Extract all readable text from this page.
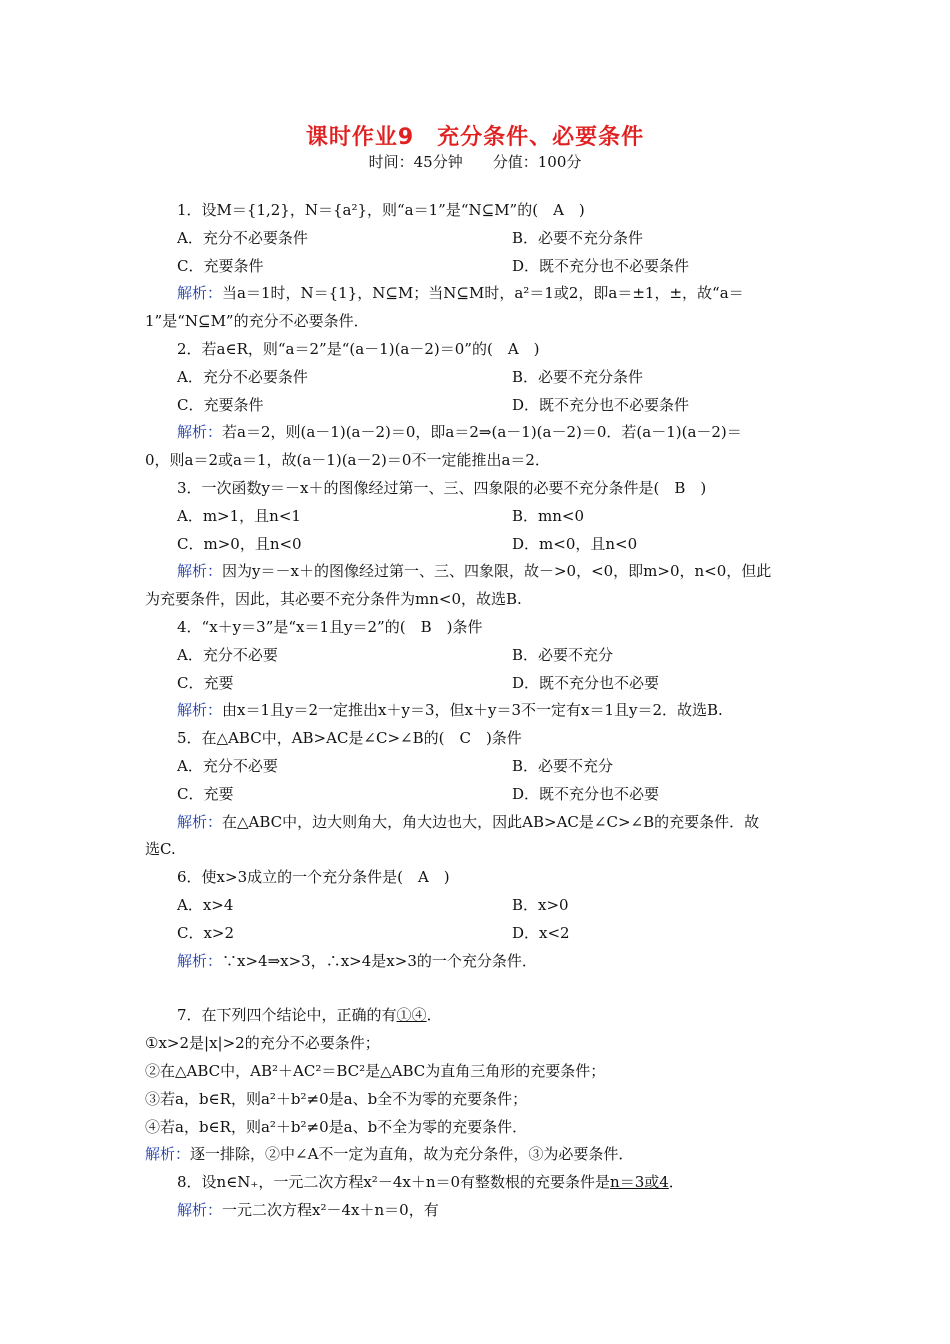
课时作业9　充分条件、必要条件
时间：45分钟　　分值：100分
1．设M＝{1,2}，N＝{a²}，则“a＝1”是“N⊆M”的(　A　)
A．充分不必要条件	B．必要不充分条件
C．充要条件	D．既不充分也不必要条件
解析：当a＝1时，N＝{1}，N⊆M；当N⊆M时，a²＝1或2，即a＝±1，±，故“a＝
1”是“N⊆M”的充分不必要条件．
2．若a∈R，则“a＝2”是“(a－1)(a－2)＝0”的(　A　)
A．充分不必要条件	B．必要不充分条件
C．充要条件	D．既不充分也不必要条件
解析：若a＝2，则(a－1)(a－2)＝0，即a＝2⇒(a－1)(a－2)＝0．若(a－1)(a－2)＝
0，则a＝2或a＝1，故(a－1)(a－2)＝0不一定能推出a＝2．
3．一次函数y＝－x＋的图像经过第一、三、四象限的必要不充分条件是(　B　)
A．m>1，且n<1	B．mn<0
C．m>0，且n<0	D．m<0，且n<0
解析：因为y＝－x＋的图像经过第一、三、四象限，故－>0，<0，即m>0，n<0，但此
为充要条件，因此，其必要不充分条件为mn<0，故选B.
4．“x＋y＝3”是“x＝1且y＝2”的(　B　)条件
A．充分不必要	B．必要不充分
C．充要	D．既不充分也不必要
解析：由x＝1且y＝2一定推出x＋y＝3，但x＋y＝3不一定有x＝1且y＝2．故选B.
5．在△ABC中，AB>AC是∠C>∠B的(　C　)条件
A．充分不必要	B．必要不充分
C．充要	D．既不充分也不必要
解析：在△ABC中，边大则角大，角大边也大，因此AB>AC是∠C>∠B的充要条件．故
选C.
6．使x>3成立的一个充分条件是(　A　)
A．x>4	B．x>0
C．x>2	D．x<2
解析：∵x>4⇒x>3，∴x>4是x>3的一个充分条件．
7．在下列四个结论中，正确的有①④．
①x>2是|x|>2的充分不必要条件；
②在△ABC中，AB²＋AC²＝BC²是△ABC为直角三角形的充要条件；
③若a，b∈R，则a²＋b²≠0是a、b全不为零的充要条件；
④若a，b∈R，则a²＋b²≠0是a、b不全为零的充要条件．
解析：逐一排除，②中∠A不一定为直角，故为充分条件，③为必要条件．
8．设n∈N₊，一元二次方程x²－4x＋n＝0有整数根的充要条件是n＝3或4．
解析：一元二次方程x²－4x＋n＝0，有
